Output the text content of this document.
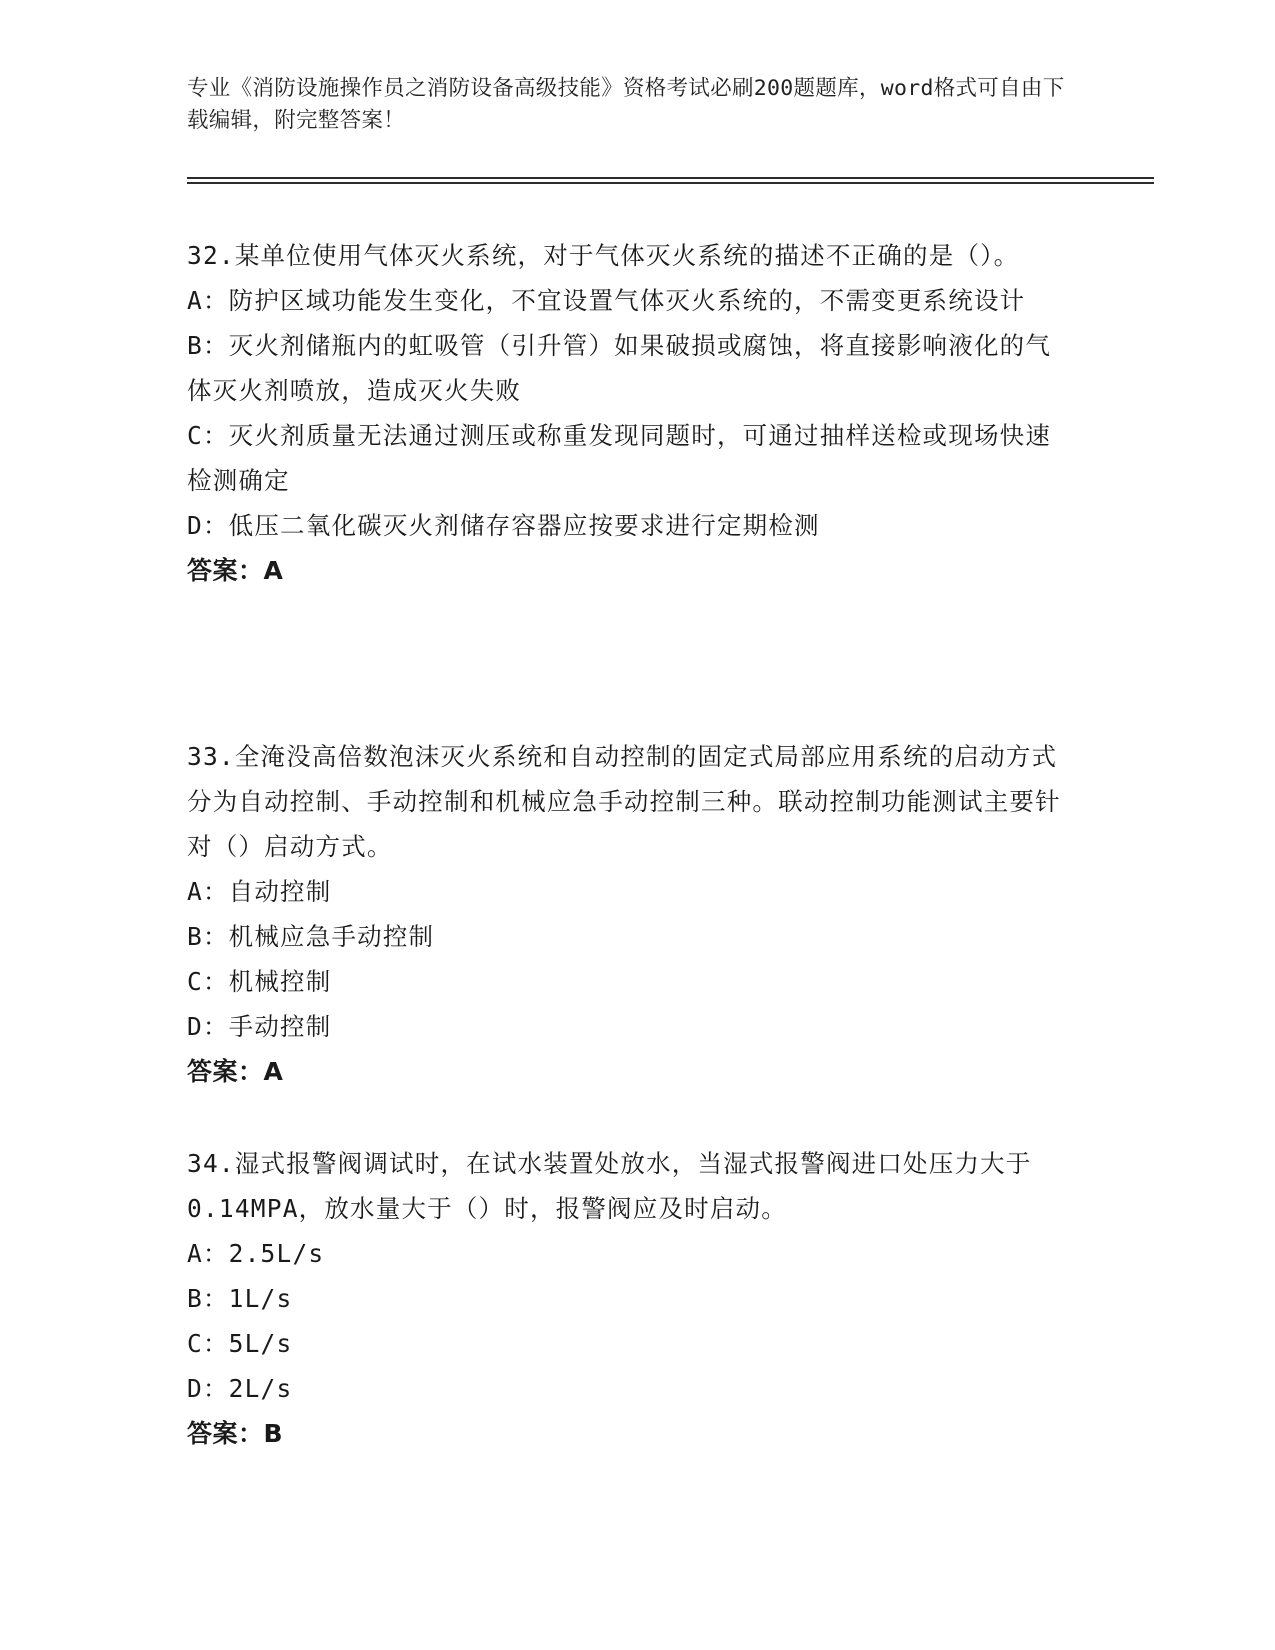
专业《消防设施操作员之消防设备高级技能》资格考试必刷200题题库，word格式可自由下载编辑，附完整答案！

32.某单位使用气体灭火系统，对于气体灭火系统的描述不正确的是（）。

A：防护区域功能发生变化，不宜设置气体灭火系统的，不需变更系统设计

B：灭火剂储瓶内的虹吸管（引升管）如果破损或腐蚀，将直接影响液化的气体灭火剂喷放，造成灭火失败

C：灭火剂质量无法通过测压或称重发现同题时，可通过抽样送检或现场快速检测确定

D：低压二氧化碳灭火剂储存容器应按要求进行定期检测

答案：A

33.全淹没高倍数泡沫灭火系统和自动控制的固定式局部应用系统的启动方式分为自动控制、手动控制和机械应急手动控制三种。联动控制功能测试主要针对（）启动方式。

A：自动控制

B：机械应急手动控制

C：机械控制

D：手动控制

答案：A

34.湿式报警阀调试时，在试水装置处放水，当湿式报警阀进口处压力大于0.14MPA，放水量大于（）时，报警阀应及时启动。

A：2.5L/s

B：1L/s

C：5L/s

D：2L/s

答案：B
